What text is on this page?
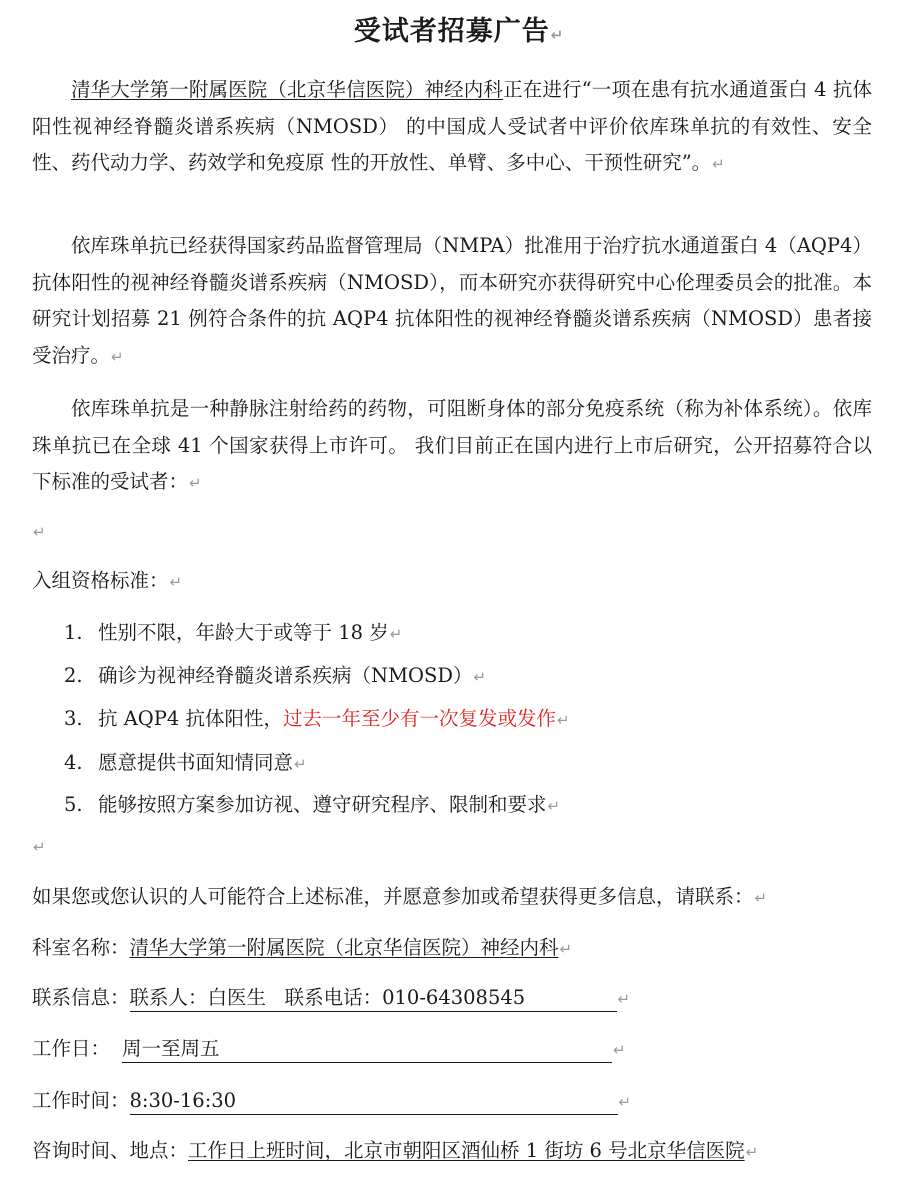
受试者招募广告↵

清华大学第一附属医院（北京华信医院）神经内科正在进行“一项在患有抗水通道蛋白 4 抗体阳性视神经脊髓炎谱系疾病（NMOSD） 的中国成人受试者中评价依库珠单抗的有效性、安全性、药代动力学、药效学和免疫原 性的开放性、单臂、多中心、干预性研究”。↵

依库珠单抗已经获得国家药品监督管理局（NMPA）批准用于治疗抗水通道蛋白 4（AQP4）抗体阳性的视神经脊髓炎谱系疾病（NMOSD），而本研究亦获得研究中心伦理委员会的批准。本研究计划招募 21 例符合条件的抗 AQP4 抗体阳性的视神经脊髓炎谱系疾病（NMOSD）患者接受治疗。↵

依库珠单抗是一种静脉注射给药的药物，可阻断身体的部分免疫系统（称为补体系统）。依库珠单抗已在全球 41 个国家获得上市许可。 我们目前正在国内进行上市后研究，公开招募符合以下标准的受试者：↵

↵
入组资格标准：↵
1. 性别不限，年龄大于或等于 18 岁↵
2. 确诊为视神经脊髓炎谱系疾病（NMOSD）↵
3. 抗 AQP4 抗体阳性，过去一年至少有一次复发或发作↵
4. 愿意提供书面知情同意↵
5. 能够按照方案参加访视、遵守研究程序、限制和要求↵
↵
如果您或您认识的人可能符合上述标准，并愿意参加或希望获得更多信息，请联系：↵
科室名称：清华大学第一附属医院（北京华信医院）神经内科↵
联系信息：联系人：白医生   联系电话：010-64308545	↵
工作日： 周一至周五	↵
工作时间：8:30-16:30	↵
咨询时间、地点：工作日上班时间，北京市朝阳区酒仙桥 1 街坊 6 号北京华信医院↵
